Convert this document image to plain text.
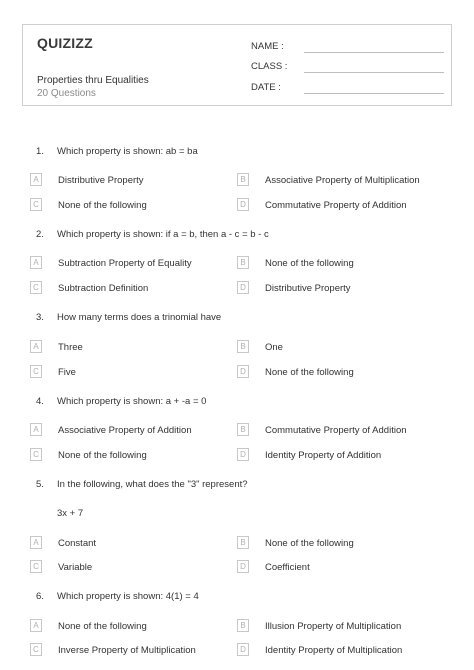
QUIZIZZ
Properties thru Equalities
20 Questions
NAME :
CLASS :
DATE :
1. Which property is shown: ab = ba
A	Distributive Property	B	Associative Property of Multiplication
C	None of the following	D	Commutative Property of Addition
2. Which property is shown: if a = b, then a - c = b - c
A	Subtraction Property of Equality	B	None of the following
C	Subtraction Definition	D	Distributive Property
3. How many terms does a trinomial have
A	Three	B	One
C	Five	D	None of the following
4. Which property is shown: a + -a = 0
A	Associative Property of Addition	B	Commutative Property of Addition
C	None of the following	D	Identity Property of Addition
5. In the following, what does the "3" represent?
3x + 7
A	Constant	B	None of the following
C	Variable	D	Coefficient
6. Which property is shown: 4(1) = 4
A	None of the following	B	Illusion Property of Multiplication
C	Inverse Property of Multiplication	D	Identity Property of Multiplication
